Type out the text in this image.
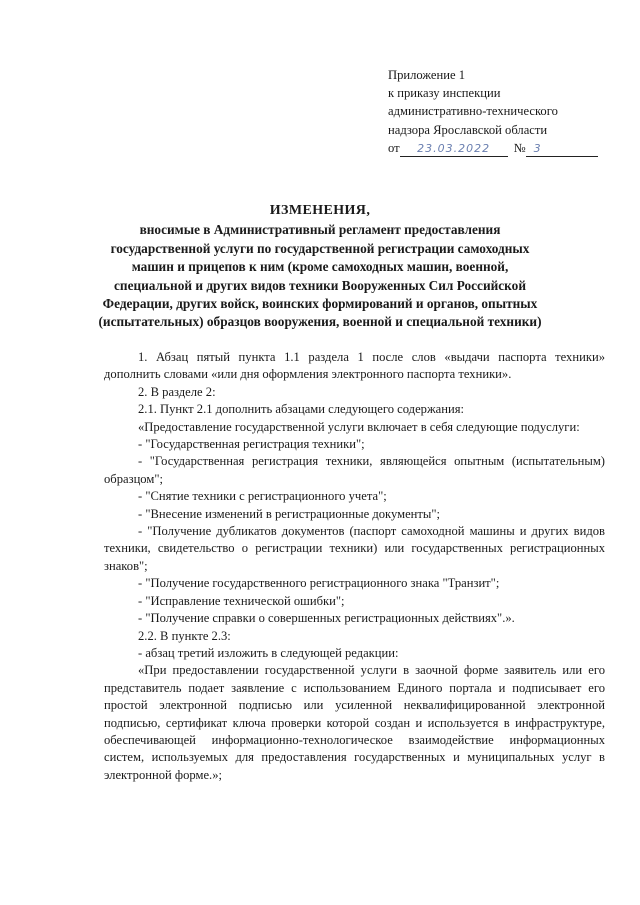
Приложение 1
к приказу инспекции
административно-технического
надзора Ярославской области
от	23.03.2022	№ 3
ИЗМЕНЕНИЯ,
вносимые в Административный регламент предоставления государственной услуги по государственной регистрации самоходных машин и прицепов к ним (кроме самоходных машин, военной, специальной и других видов техники Вооруженных Сил Российской Федерации, других войск, воинских формирований и органов, опытных (испытательных) образцов вооружения, военной и специальной техники)

1. Абзац пятый пункта 1.1 раздела 1 после слов «выдачи паспорта техники» дополнить словами «или дня оформления электронного паспорта техники».

2. В разделе 2:

2.1. Пункт 2.1 дополнить абзацами следующего содержания:

«Предоставление государственной услуги включает в себя следующие подуслуги:

- "Государственная регистрация техники";

- "Государственная регистрация техники, являющейся опытным (испытательным) образцом";

- "Снятие техники с регистрационного учета";

- "Внесение изменений в регистрационные документы";

- "Получение дубликатов документов (паспорт самоходной машины и других видов техники, свидетельство о регистрации техники) или государственных регистрационных знаков";

- "Получение государственного регистрационного знака "Транзит";

- "Исправление технической ошибки";

- "Получение справки о совершенных регистрационных действиях".».

2.2. В пункте 2.3:

- абзац третий изложить в следующей редакции:

«При предоставлении государственной услуги в заочной форме заявитель или его представитель подает заявление с использованием Единого портала и подписывает его простой электронной подписью или усиленной неквалифицированной электронной подписью, сертификат ключа проверки которой создан и используется в инфраструктуре, обеспечивающей информационно-технологическое взаимодействие информационных систем, используемых для предоставления государственных и муниципальных услуг в электронной форме.»;
